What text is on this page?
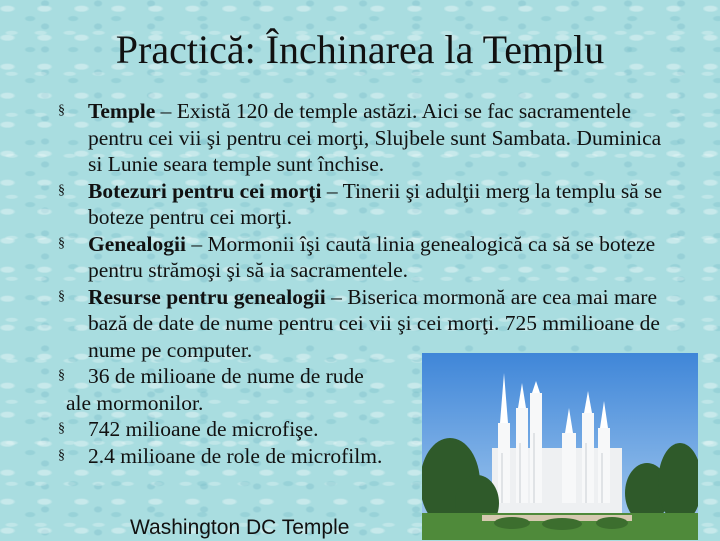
Practică: Închinarea la Templu
§	Temple – Există 120 de temple astăzi. Aici se fac sacramentele pentru cei vii şi pentru cei morţi, Slujbele sunt Sambata. Duminica si Lunie seara temple sunt închise.
§	Botezuri pentru cei morţi – Tinerii şi adulţii merg la templu să se boteze pentru cei morţi.
§	Genealogii – Mormonii îşi caută linia genealogică ca să se boteze pentru strămoşi şi să ia sacramentele.
§	Resurse pentru genealogii – Biserica mormonă are cea mai mare bază de date de nume pentru cei vii şi cei morţi. 725 mmilioane de nume pe computer.
§	36 de milioane de nume de rude
ale mormonilor.
§	742 milioane de microfişe.
§	2.4 milioane de role de microfilm.
Washington DC Temple
